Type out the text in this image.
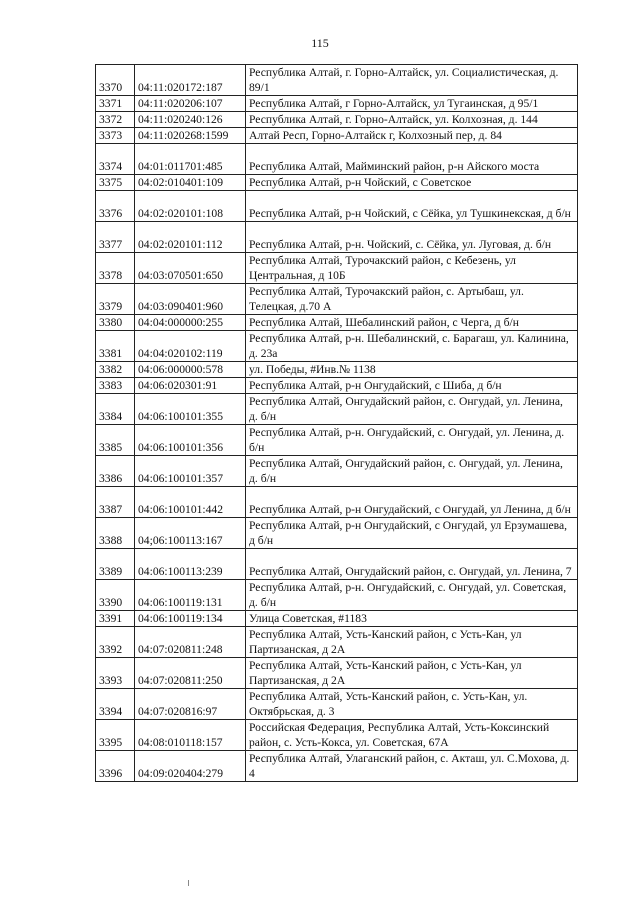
115
3370	04:11:020172:187	Республика Алтай, г. Горно-Алтайск, ул. Социалистическая, д. 89/1
3371	04:11:020206:107	Республика Алтай, г Горно-Алтайск, ул Тугаинская, д 95/1
3372	04:11:020240:126	Республика Алтай, г. Горно-Алтайск, ул. Колхозная, д. 144
3373	04:11:020268:1599	Алтай Респ, Горно-Алтайск г, Колхозный пер, д. 84
3374	04:01:011701:485	Республика Алтай, Майминский район, р-н Айского моста
3375	04:02:010401:109	Республика Алтай, р-н Чойский, с Советское
3376	04:02:020101:108	Республика Алтай, р-н Чойский, с Сёйка, ул Тушкинекская, д б/н
3377	04:02:020101:112	Республика Алтай, р-н. Чойский, с. Сёйка, ул. Луговая, д. б/н
3378	04:03:070501:650	Республика Алтай, Турочакский район, с Кебезень, ул Центральная, д 10Б
3379	04:03:090401:960	Республика Алтай, Турочакский район, с. Артыбаш, ул. Телецкая, д.70 А
3380	04:04:000000:255	Республика Алтай, Шебалинский район, с Черга, д б/н
3381	04:04:020102:119	Республика Алтай, р-н. Шебалинский, с. Барагаш, ул. Калинина, д. 23а
3382	04:06:000000:578	ул. Победы, #Инв.№ 1138
3383	04:06:020301:91	Республика Алтай, р-н Онгудайский, с Шиба, д б/н
3384	04:06:100101:355	Республика Алтай, Онгудайский район, с. Онгудай, ул. Ленина, д. б/н
3385	04:06:100101:356	Республика Алтай, р-н. Онгудайский, с. Онгудай, ул. Ленина, д. б/н
3386	04:06:100101:357	Республика Алтай, Онгудайский район, с. Онгудай, ул. Ленина, д. б/н
3387	04:06:100101:442	Республика Алтай, р-н Онгудайский, с Онгудай, ул Ленина, д б/н
3388	04;06:100113:167	Республика Алтай, р-н Онгудайский, с Онгудай, ул Ерзумашева, д б/н
3389	04:06:100113:239	Республика Алтай, Онгудайский район, с. Онгудай, ул. Ленина, 7
3390	04:06:100119:131	Республика Алтай, р-н. Онгудайский, с. Онгудай, ул. Советская, д. б/н
3391	04:06:100119:134	Улица Советская, #1183
3392	04:07:020811:248	Республика Алтай, Усть-Канский район, с Усть-Кан, ул Партизанская, д 2А
3393	04:07:020811:250	Республика Алтай, Усть-Канский район, с Усть-Кан, ул Партизанская, д 2А
3394	04:07:020816:97	Республика Алтай, Усть-Канский район, с. Усть-Кан, ул. Октябрьская, д. 3
3395	04:08:010118:157	Российская Федерация, Республика Алтай, Усть-Коксинский район, с. Усть-Кокса, ул. Советская, 67А
3396	04:09:020404:279	Республика Алтай, Улаганский район, с. Акташ, ул. С.Мохова, д. 4
